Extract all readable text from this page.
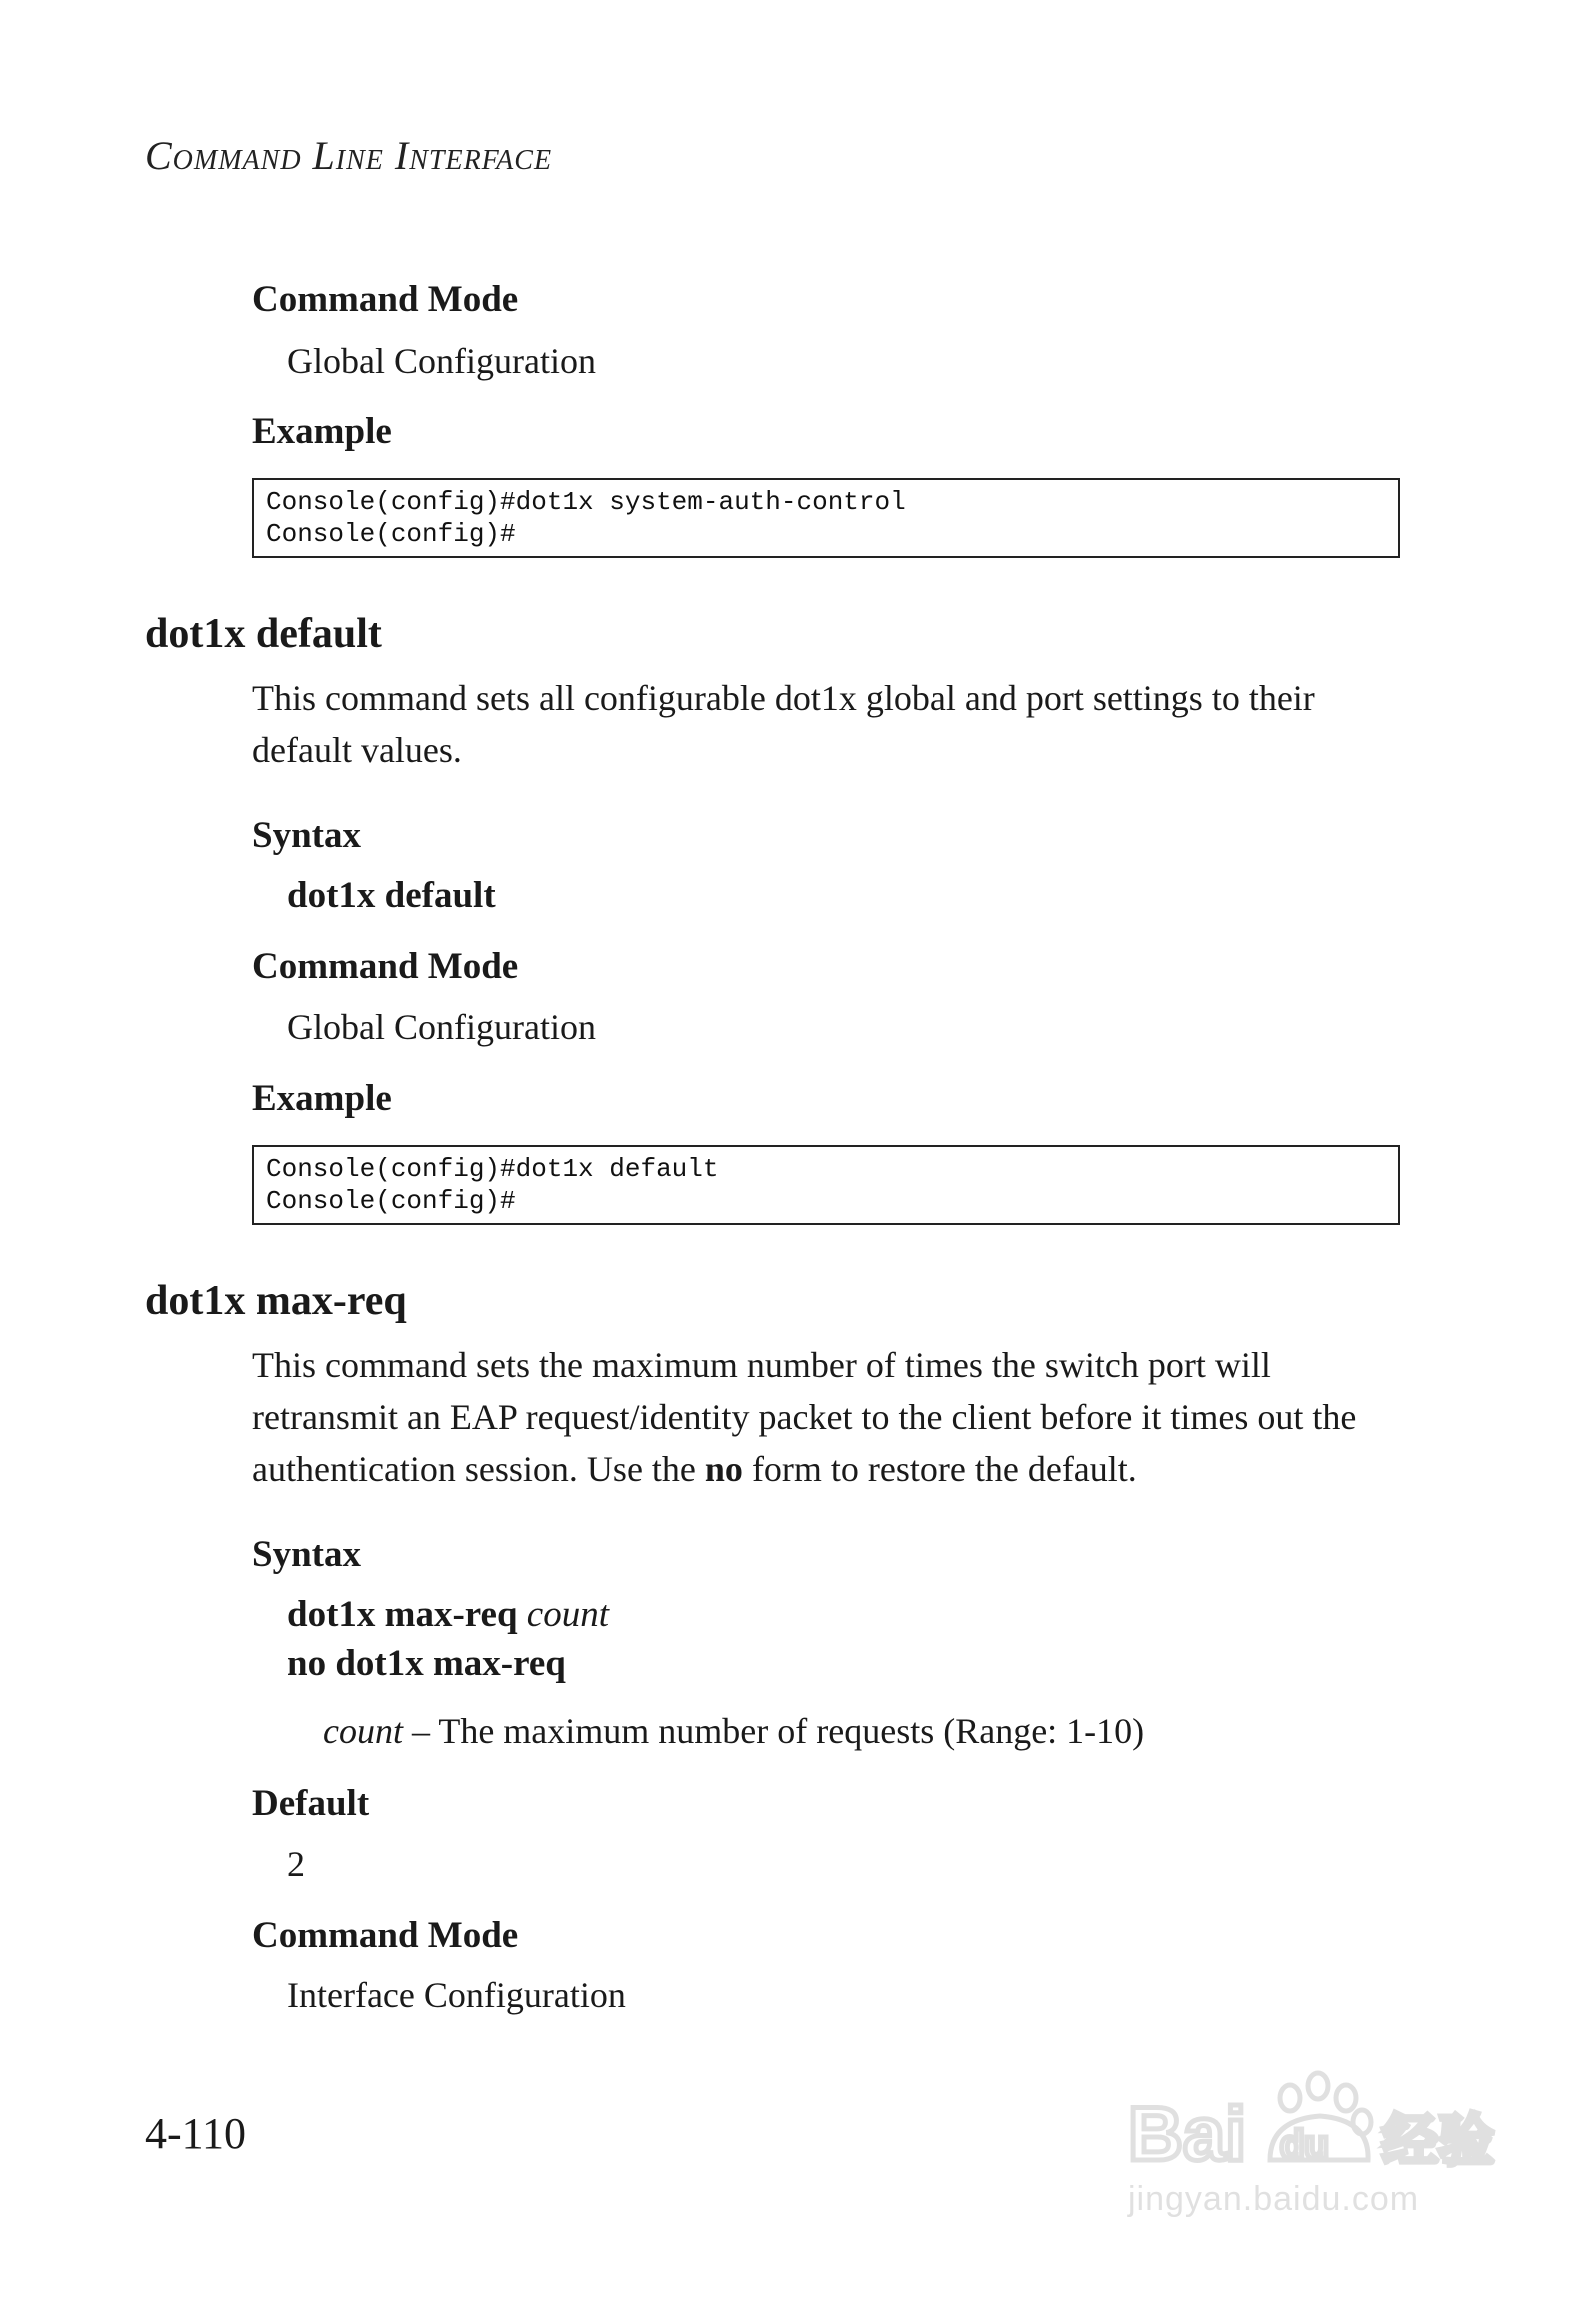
Command Line Interface
Command Mode
Global Configuration
Example
Console(config)#dot1x system-auth-control
Console(config)#
dot1x default
This command sets all configurable dot1x global and port settings to their default values.
Syntax
dot1x default
Command Mode
Global Configuration
Example
Console(config)#dot1x default
Console(config)#
dot1x max-req
This command sets the maximum number of times the switch port will retransmit an EAP request/identity packet to the client before it times out the authentication session. Use the no form to restore the default.
Syntax
dot1x max-req count
no dot1x max-req
count – The maximum number of requests (Range: 1-10)
Default
2
Command Mode
Interface Configuration
4-110	Bai du 经验
jingyan.baidu.com
